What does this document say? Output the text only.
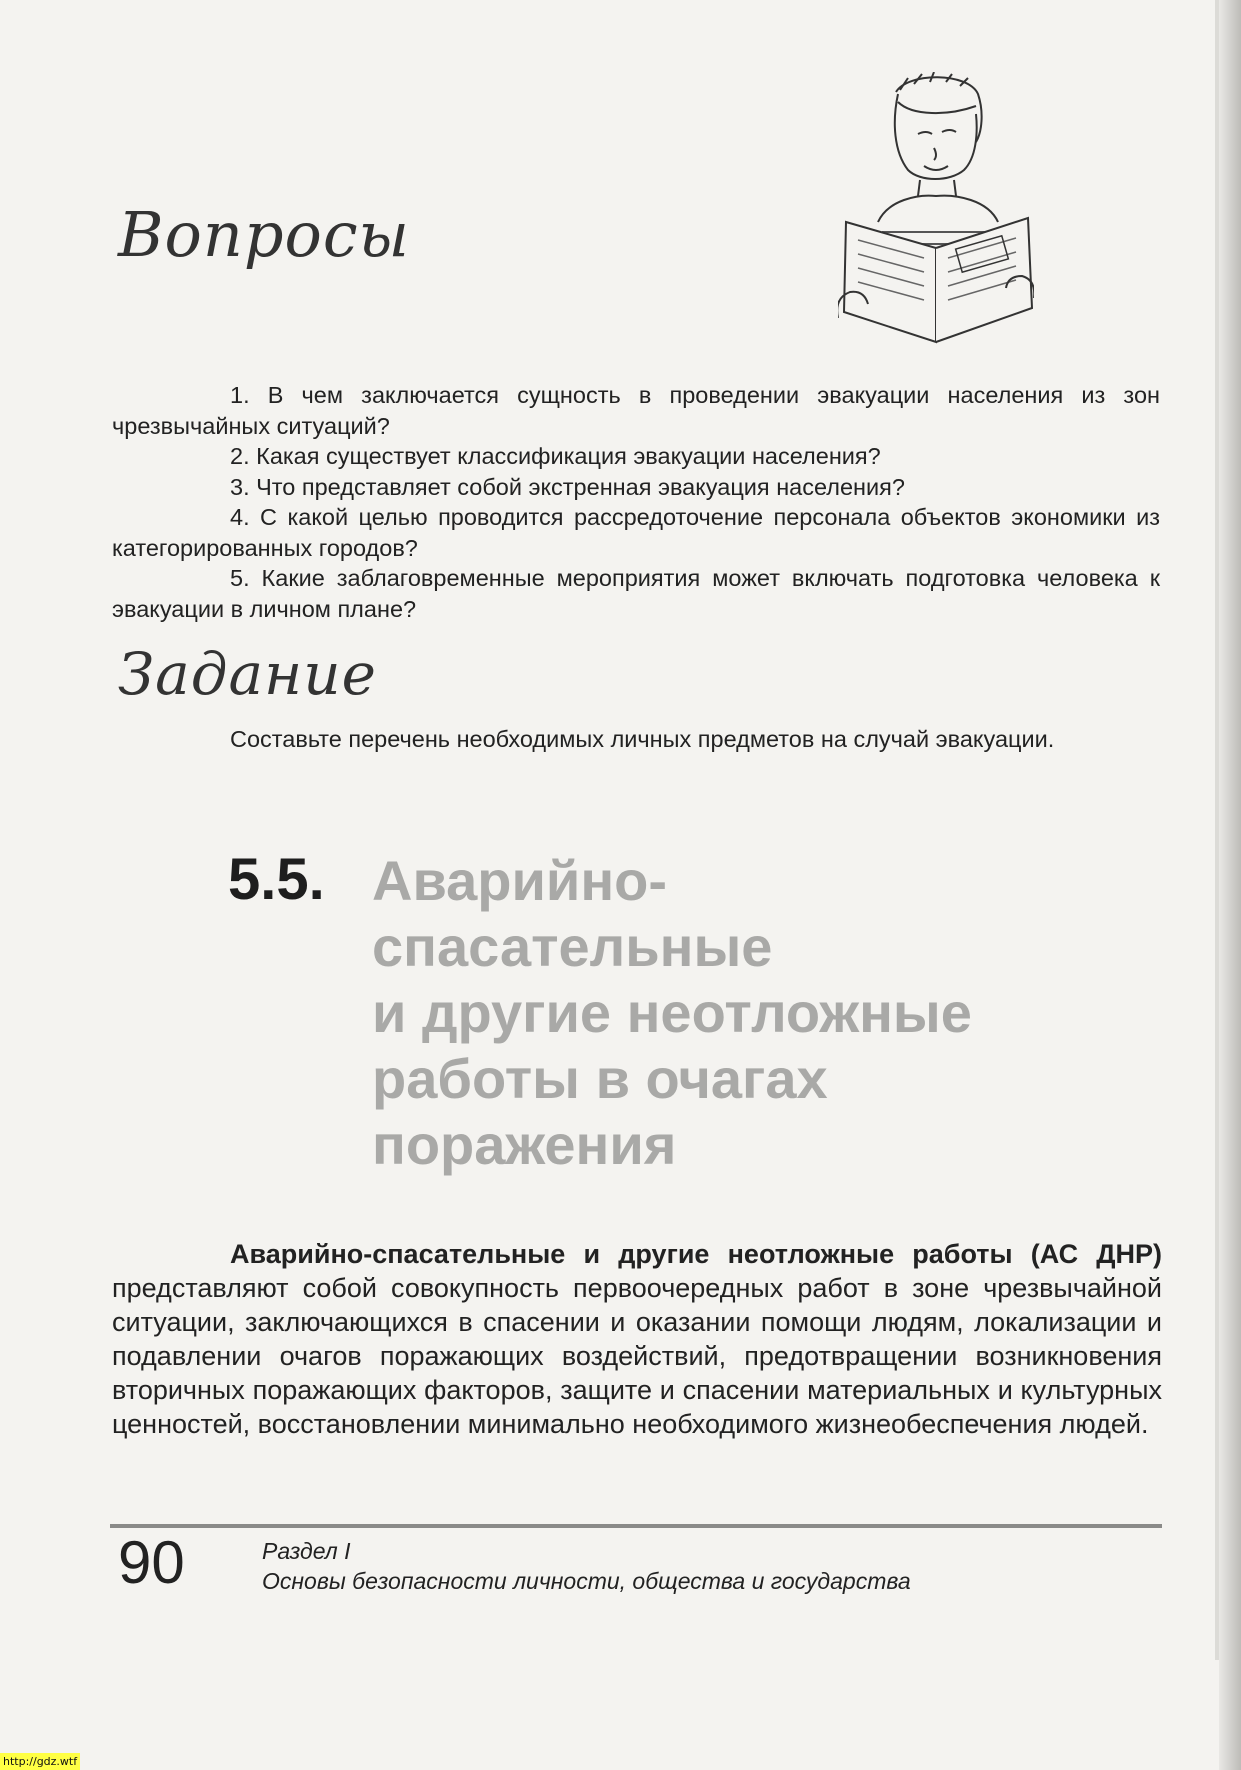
Вопросы

1. В чем заключается сущность в проведении эвакуации населения из зон чрезвычайных ситуаций?

2. Какая существует классификация эвакуации населения?

3. Что представляет собой экстренная эвакуация населения?

4. С какой целью проводится рассредоточение персонала объектов экономики из категорированных городов?

5. Какие заблаговременные мероприятия может включать подготовка человека к эвакуации в личном плане?

Задание

Составьте перечень необходимых личных предметов на случай эвакуации.

5.5. Аварийно-
спасательные
и другие неотложные
работы в очагах
поражения

Аварийно-спасательные и другие неотложные работы (АС ДНР) представляют собой совокупность первоочередных работ в зоне чрезвычайной ситуации, заключающихся в спасении и оказании помощи людям, локализации и подавлении очагов поражающих воздействий, предотвращении возникновения вторичных поражающих факторов, защите и спасении материальных и культурных ценностей, восстановлении минимально необходимого жизнеобеспечения людей.

90	Раздел I
Основы безопасности личности, общества и государства
http://gdz.wtf
